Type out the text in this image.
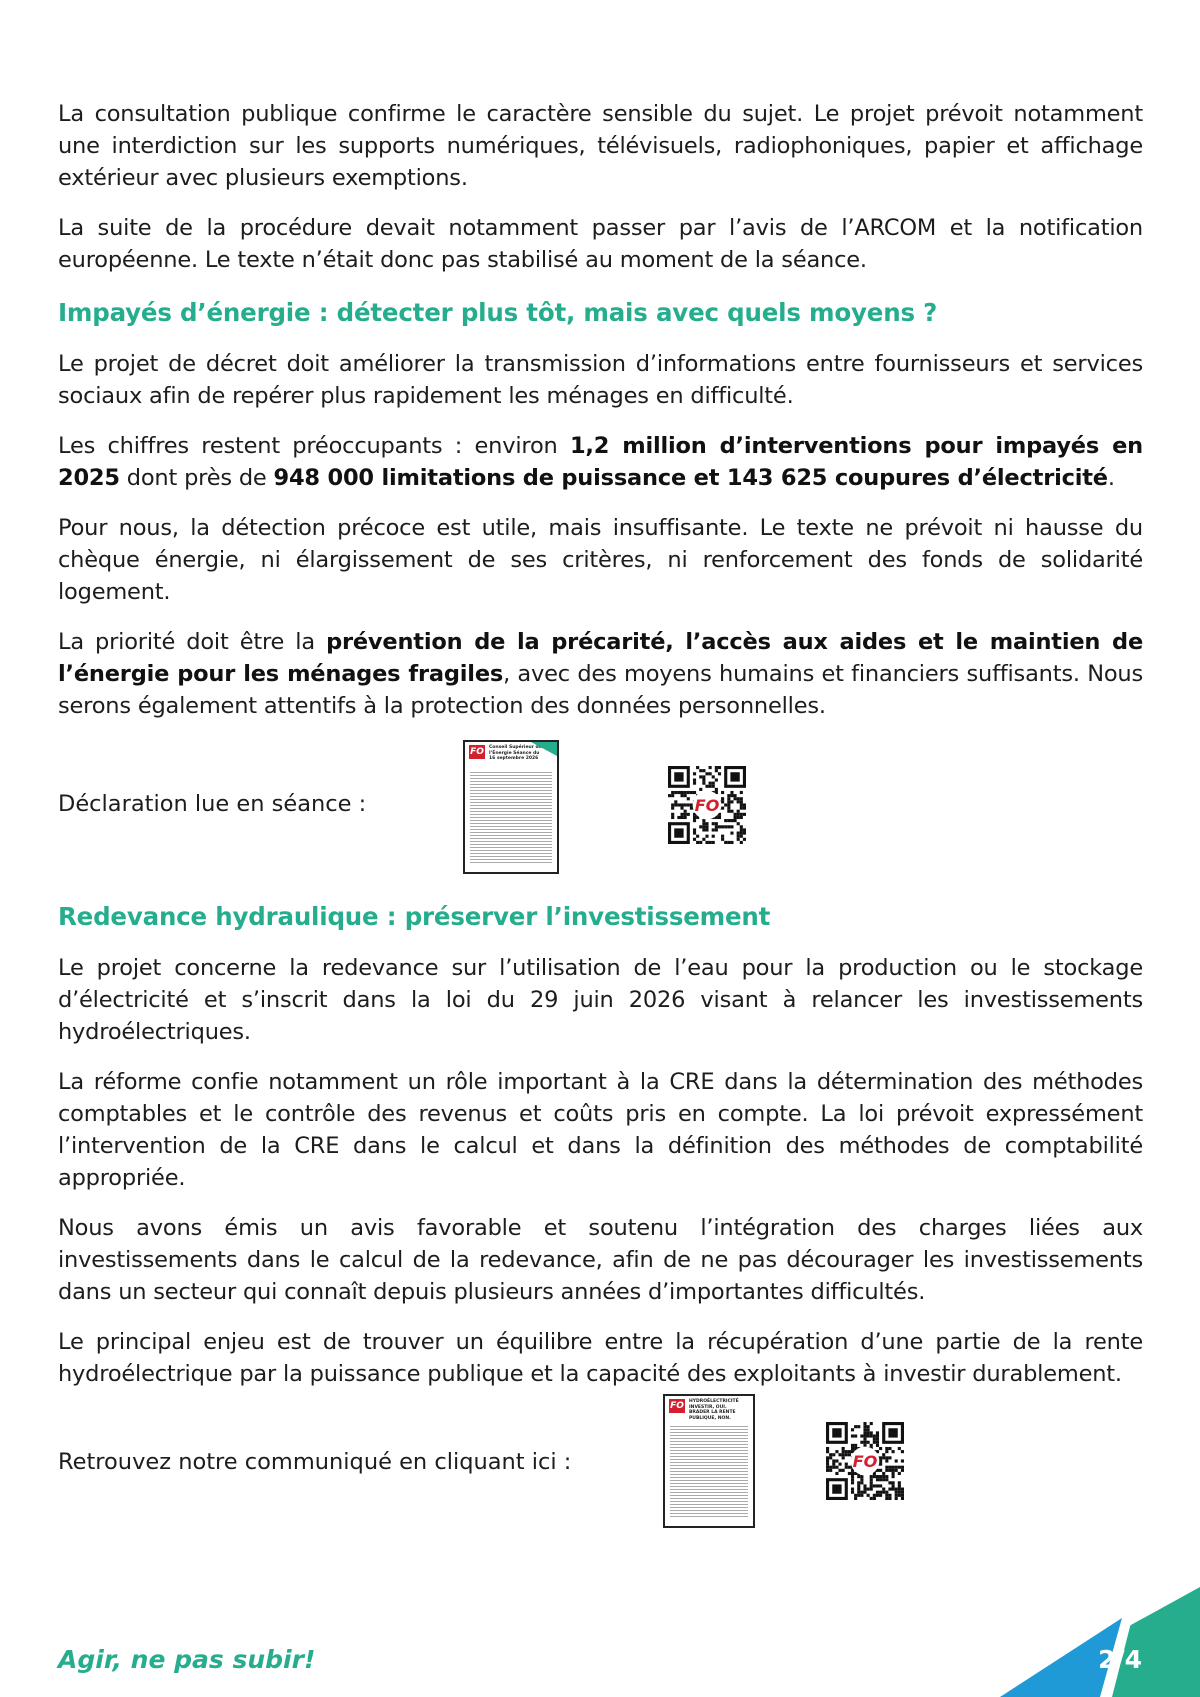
La consultation publique confirme le caractère sensible du sujet. Le projet prévoit notamment une interdiction sur les supports numériques, télévisuels, radiophoniques, papier et affichage extérieur avec plusieurs exemptions.

La suite de la procédure devait notamment passer par l’avis de l’ARCOM et la notification européenne. Le texte n’était donc pas stabilisé au moment de la séance.

Impayés d’énergie : détecter plus tôt, mais avec quels moyens ?

Le projet de décret doit améliorer la transmission d’informations entre fournisseurs et services sociaux afin de repérer plus rapidement les ménages en difficulté.

Les chiffres restent préoccupants : environ 1,2 million d’interventions pour impayés en 2025 dont près de 948 000 limitations de puissance et 143 625 coupures d’électricité.

Pour nous, la détection précoce est utile, mais insuffisante. Le texte ne prévoit ni hausse du chèque énergie, ni élargissement de ses critères, ni renforcement des fonds de solidarité logement.

La priorité doit être la prévention de la précarité, l’accès aux aides et le maintien de l’énergie pour les ménages fragiles, avec des moyens humains et financiers suffisants. Nous serons également attentifs à la protection des données personnelles.

Déclaration lue en séance :
FO Conseil Supérieur de l’Énergie Séance du 16 septembre 2026
FO
Redevance hydraulique : préserver l’investissement

Le projet concerne la redevance sur l’utilisation de l’eau pour la production ou le stockage d’électricité et s’inscrit dans la loi du 29 juin 2026 visant à relancer les investissements hydroélectriques.

La réforme confie notamment un rôle important à la CRE dans la détermination des méthodes comptables et le contrôle des revenus et coûts pris en compte. La loi prévoit expressément l’intervention de la CRE dans le calcul et dans la définition des méthodes de comptabilité appropriée.

Nous avons émis un avis favorable et soutenu l’intégration des charges liées aux investissements dans le calcul de la redevance, afin de ne pas décourager les investissements dans un secteur qui connaît depuis plusieurs années d’importantes difficultés.

Le principal enjeu est de trouver un équilibre entre la récupération d’une partie de la rente hydroélectrique par la puissance publique et la capacité des exploitants à investir durablement.

Retrouvez notre communiqué en cliquant ici :
FO HYDROÉLECTRICITÉ INVESTIR, OUI. BRADER LA RENTE PUBLIQUE, NON.
FO
Agir, ne pas subir!	2/4
